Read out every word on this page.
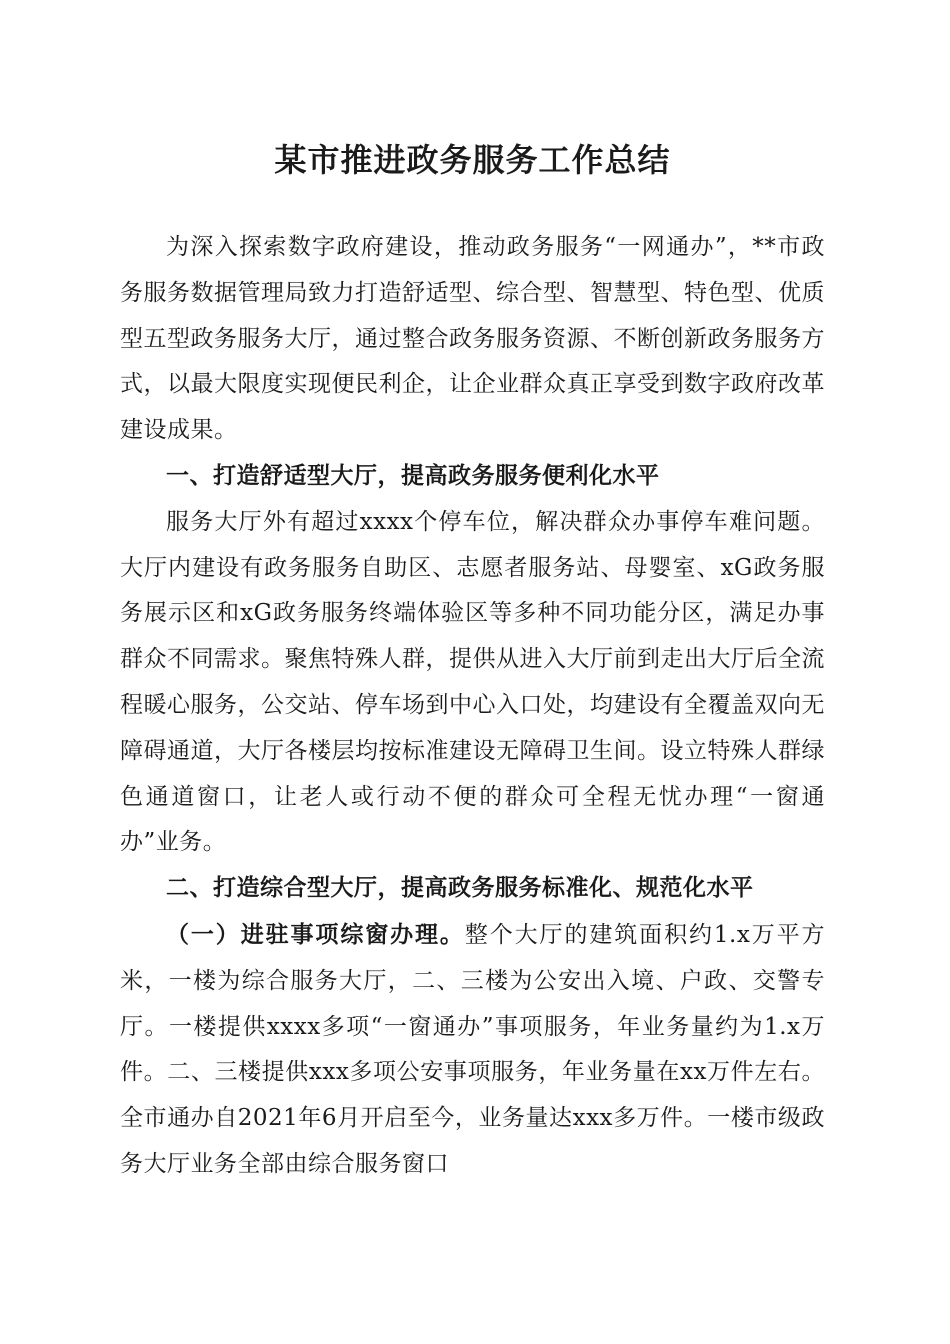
某市推进政务服务工作总结

为深入探索数字政府建设，推动政务服务“一网通办”，**市政务服务数据管理局致力打造舒适型、综合型、智慧型、特色型、优质型五型政务服务大厅，通过整合政务服务资源、不断创新政务服务方式，以最大限度实现便民利企，让企业群众真正享受到数字政府改革建设成果。

一、打造舒适型大厅，提高政务服务便利化水平

服务大厅外有超过xxxx个停车位，解决群众办事停车难问题。大厅内建设有政务服务自助区、志愿者服务站、母婴室、xG政务服务展示区和xG政务服务终端体验区等多种不同功能分区，满足办事群众不同需求。聚焦特殊人群，提供从进入大厅前到走出大厅后全流程暖心服务，公交站、停车场到中心入口处，均建设有全覆盖双向无障碍通道，大厅各楼层均按标准建设无障碍卫生间。设立特殊人群绿色通道窗口，让老人或行动不便的群众可全程无忧办理“一窗通办”业务。

二、打造综合型大厅，提高政务服务标准化、规范化水平

（一）进驻事项综窗办理。整个大厅的建筑面积约1.x万平方米，一楼为综合服务大厅，二、三楼为公安出入境、户政、交警专厅。一楼提供xxxx多项“一窗通办”事项服务，年业务量约为1.x万件。二、三楼提供xxx多项公安事项服务，年业务量在xx万件左右。全市通办自2021年6月开启至今，业务量达xxx多万件。一楼市级政务大厅业务全部由综合服务窗口
